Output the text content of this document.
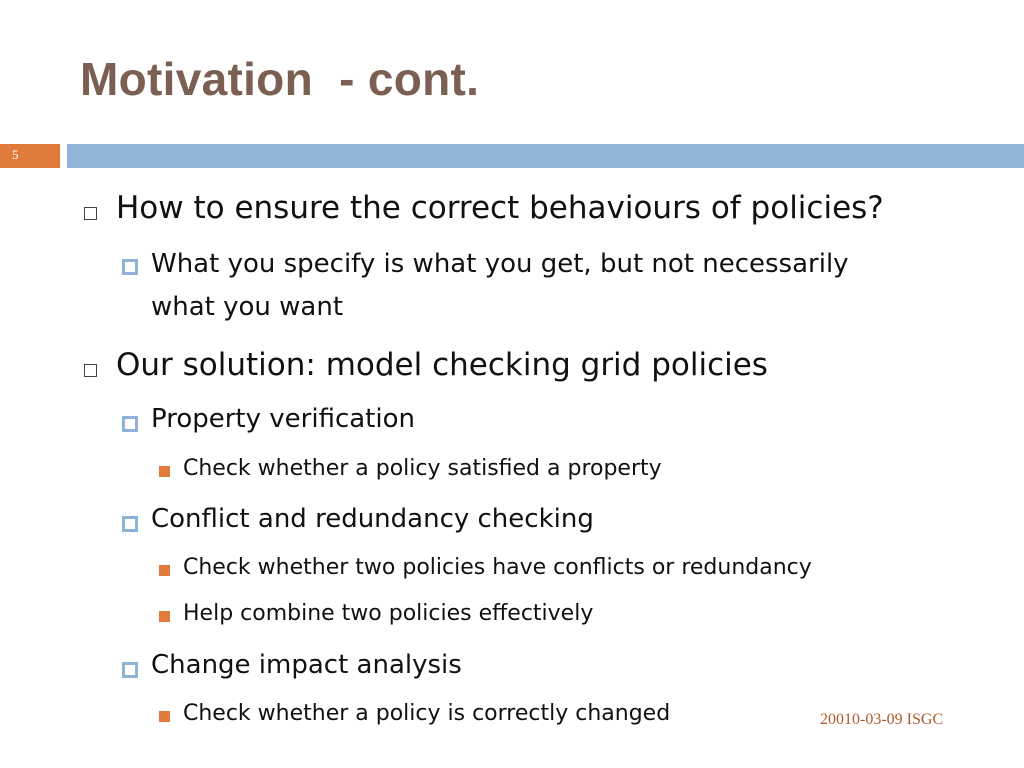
Motivation  - cont.
5
How to ensure the correct behaviours of policies?
What you specify is what you get, but not necessarily
what you want
Our solution: model checking grid policies
Property verification
Check whether a policy satisfied a property
Conflict and redundancy checking
Check whether two policies have conflicts or redundancy
Help combine two policies effectively
Change impact analysis
Check whether a policy is correctly changed	20010-03-09 ISGC
